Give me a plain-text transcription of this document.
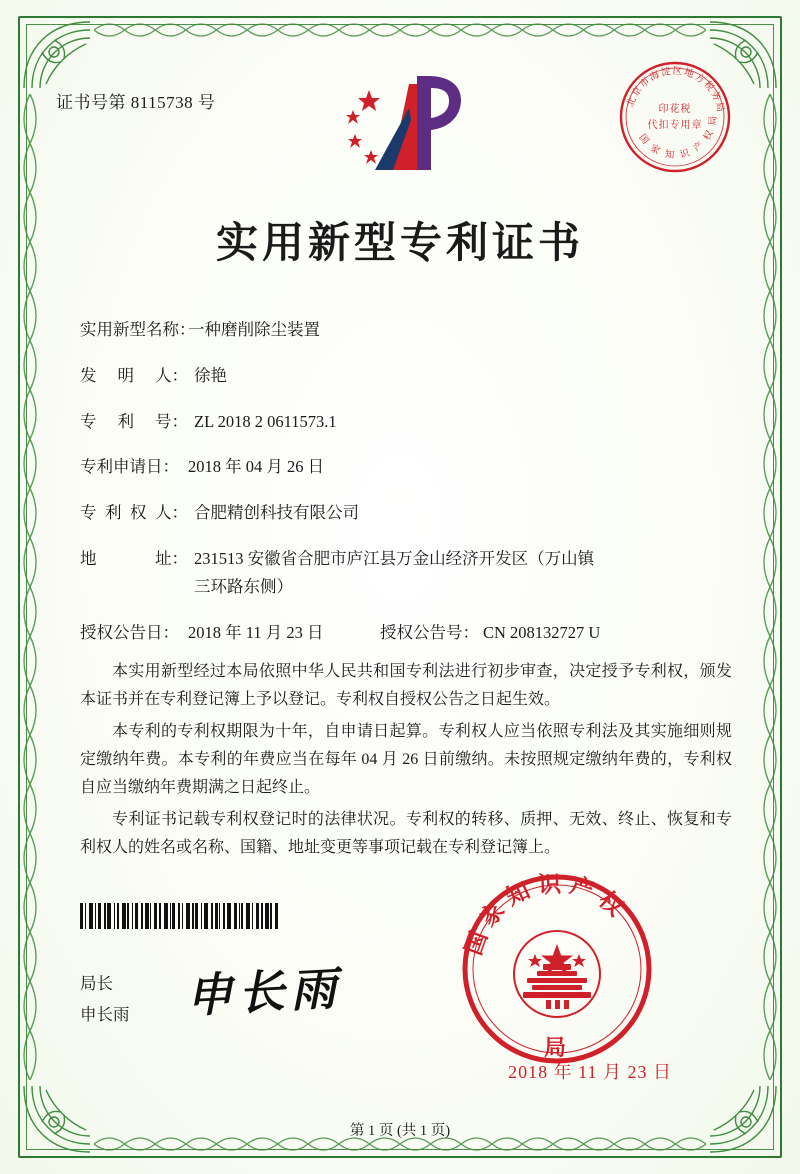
证书号第 8115738 号	北京市海淀区地方税务局
国 家 知 识 产 权 局
印花税
代扣专用章
实用新型专利证书
实用新型名称：
一种磨削除尘装置
发 明 人： 徐艳
专 利 号： ZL 2018 2 0611573.1
专利申请日： 2018 年 04 月 26 日
专 利 权 人： 合肥精创科技有限公司
地	址： 231513 安徽省合肥市庐江县万金山经济开发区（万山镇
三环路东侧）
授权公告日： 2018 年 11 月 23 日	授权公告号： CN 208132727 U

本实用新型经过本局依照中华人民共和国专利法进行初步审查，决定授予专利权，颁发本证书并在专利登记簿上予以登记。专利权自授权公告之日起生效。

本专利的专利权期限为十年，自申请日起算。专利权人应当依照专利法及其实施细则规定缴纳年费。本专利的年费应当在每年 04 月 26 日前缴纳。未按照规定缴纳年费的，专利权自应当缴纳年费期满之日起终止。

专利证书记载专利权登记时的法律状况。专利权的转移、质押、无效、终止、恢复和专利权人的姓名或名称、国籍、地址变更等事项记载在专利登记簿上。

局长
申长雨 申长雨
国家知识产权
局
2018 年 11 月 23 日
第 1 页 (共 1 页)
